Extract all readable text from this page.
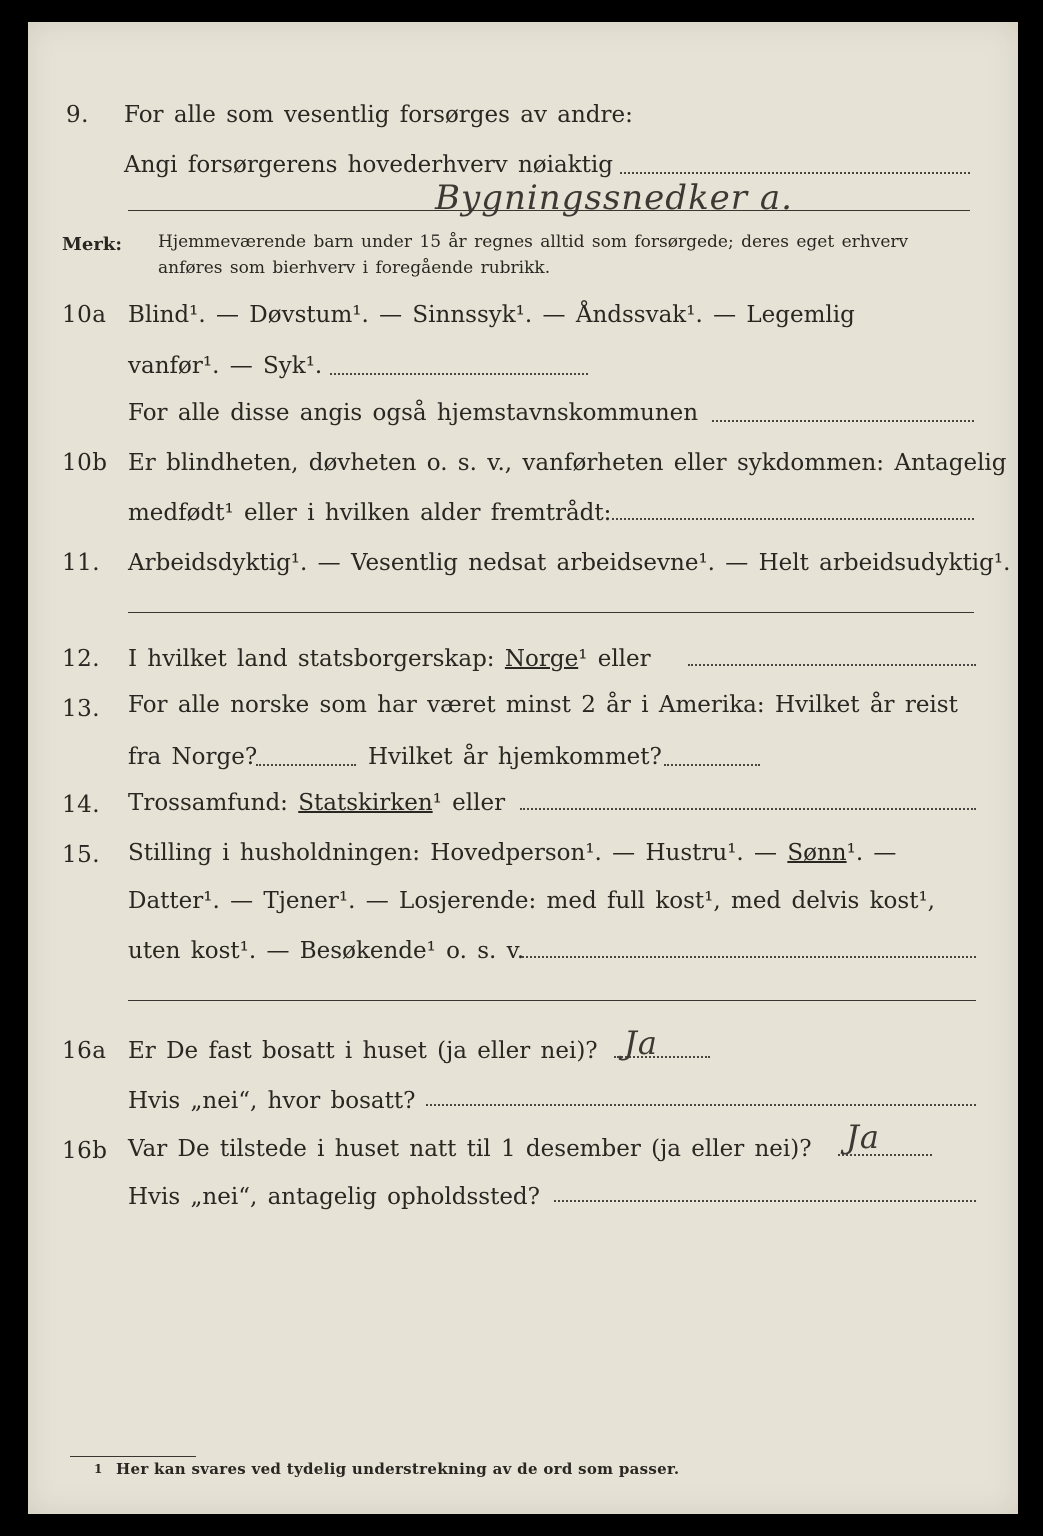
9. For alle som vesentlig forsørges av andre:
Angi forsørgerens hovederhverv nøiaktig
Bygningssnedker a.
Merk: Hjemmeværende barn under 15 år regnes alltid som forsørgede; deres eget erhverv
anføres som bierhverv i foregående rubrikk.
10a Blind¹. — Døvstum¹. — Sinnssyk¹. — Åndssvak¹. — Legemlig
vanfør¹. — Syk¹.
For alle disse angis også hjemstavnskommunen
10b Er blindheten, døvheten o. s. v., vanførheten eller sykdommen: Antagelig
medfødt¹ eller i hvilken alder fremtrådt:
11. Arbeidsdyktig¹. — Vesentlig nedsat arbeidsevne¹. — Helt arbeidsudyktig¹.
12. I hvilket land statsborgerskap: Norge¹ eller
13. For alle norske som har været minst 2 år i Amerika: Hvilket år reist
fra Norge?	Hvilket år hjemkommet?
14. Trossamfund: Statskirken¹ eller
15. Stilling i husholdningen: Hovedperson¹. — Hustru¹. — Sønn¹. —
Datter¹. — Tjener¹. — Losjerende: med full kost¹, med delvis kost¹,
uten kost¹. — Besøkende¹ o. s. v.
16a Er De fast bosatt i huset (ja eller nei)? Ja
Hvis „nei“, hvor bosatt?
16b Var De tilstede i huset natt til 1 desember (ja eller nei)? Ja
Hvis „nei“, antagelig opholdssted?
1 Her kan svares ved tydelig understrekning av de ord som passer.
